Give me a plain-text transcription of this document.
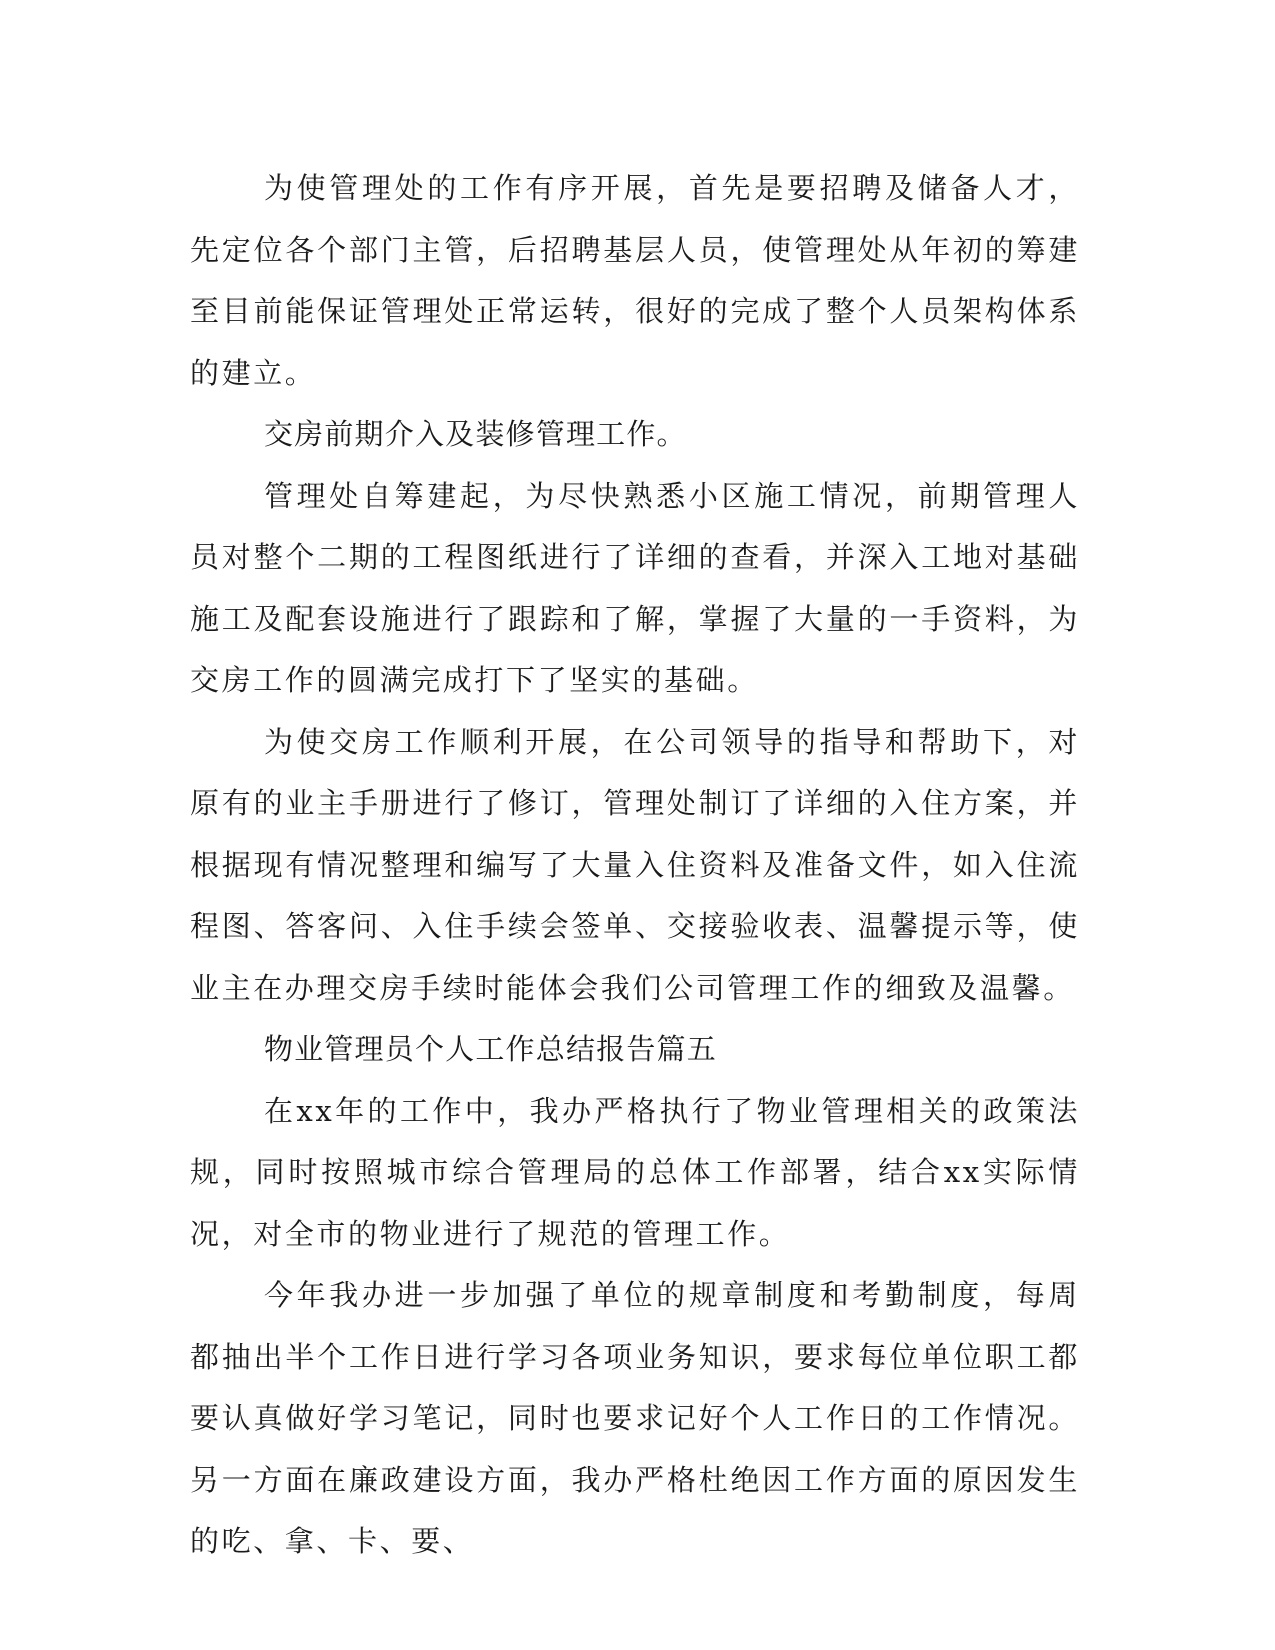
为使管理处的工作有序开展，首先是要招聘及储备人才，先定位各个部门主管，后招聘基层人员，使管理处从年初的筹建至目前能保证管理处正常运转，很好的完成了整个人员架构体系的建立。

交房前期介入及装修管理工作。

管理处自筹建起，为尽快熟悉小区施工情况，前期管理人员对整个二期的工程图纸进行了详细的查看，并深入工地对基础施工及配套设施进行了跟踪和了解，掌握了大量的一手资料，为交房工作的圆满完成打下了坚实的基础。

为使交房工作顺利开展，在公司领导的指导和帮助下，对原有的业主手册进行了修订，管理处制订了详细的入住方案，并根据现有情况整理和编写了大量入住资料及准备文件，如入住流程图、答客问、入住手续会签单、交接验收表、温馨提示等，使业主在办理交房手续时能体会我们公司管理工作的细致及温馨。

物业管理员个人工作总结报告篇五

在xx年的工作中，我办严格执行了物业管理相关的政策法规，同时按照城市综合管理局的总体工作部署，结合xx实际情况，对全市的物业进行了规范的管理工作。

今年我办进一步加强了单位的规章制度和考勤制度，每周都抽出半个工作日进行学习各项业务知识，要求每位单位职工都要认真做好学习笔记，同时也要求记好个人工作日的工作情况。另一方面在廉政建设方面，我办严格杜绝因工作方面的原因发生的吃、拿、卡、要、
